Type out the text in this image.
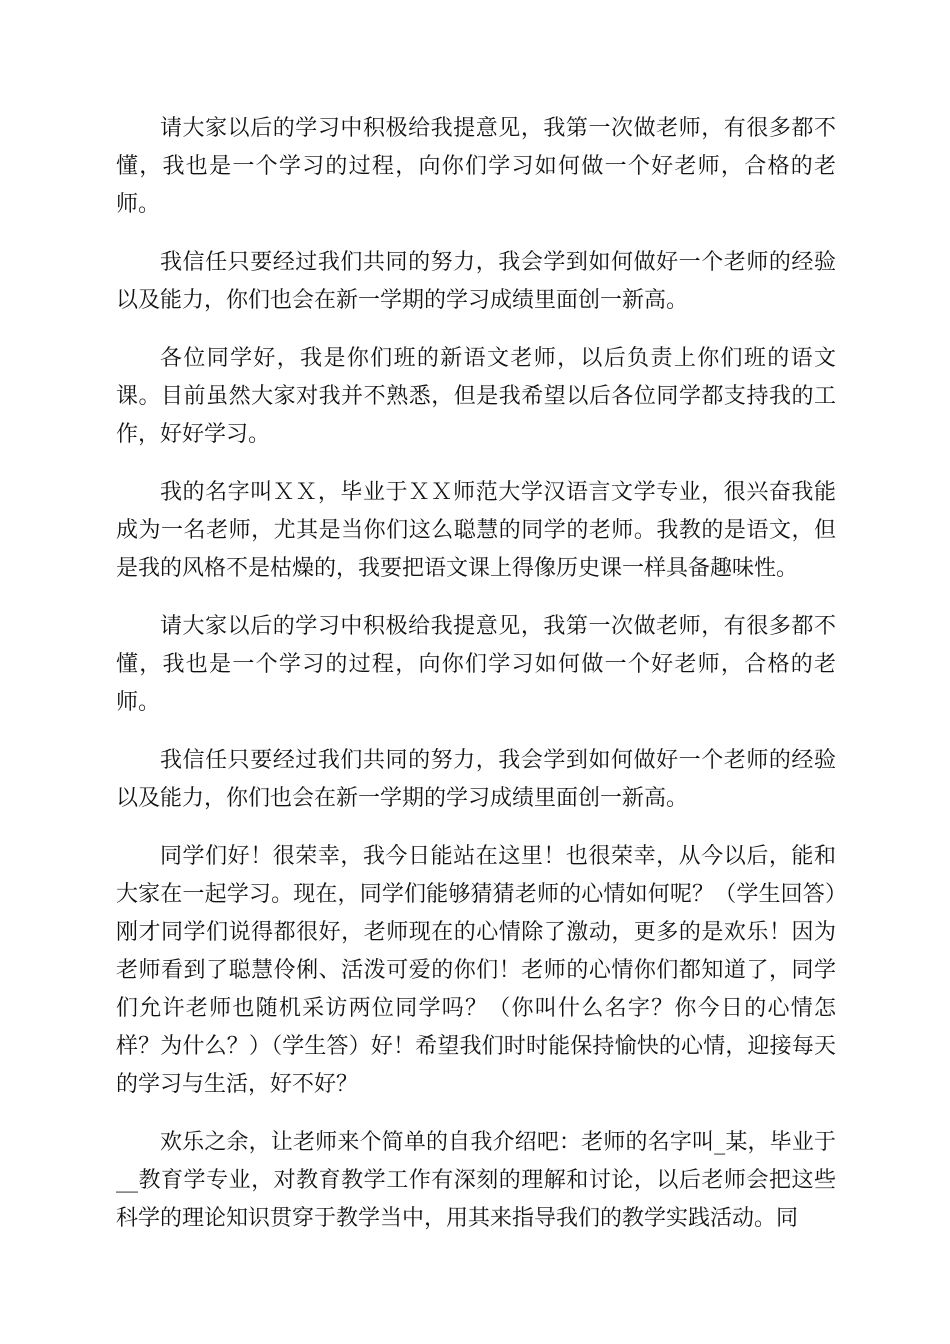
请大家以后的学习中积极给我提意见，我第一次做老师，有很多都不懂，我也是一个学习的过程，向你们学习如何做一个好老师，合格的老师。

我信任只要经过我们共同的努力，我会学到如何做好一个老师的经验以及能力，你们也会在新一学期的学习成绩里面创一新高。

各位同学好，我是你们班的新语文老师，以后负责上你们班的语文课。目前虽然大家对我并不熟悉，但是我希望以后各位同学都支持我的工作，好好学习。

我的名字叫ＸＸ，毕业于ＸＸ师范大学汉语言文学专业，很兴奋我能成为一名老师，尤其是当你们这么聪慧的同学的老师。我教的是语文，但是我的风格不是枯燥的，我要把语文课上得像历史课一样具备趣味性。

请大家以后的学习中积极给我提意见，我第一次做老师，有很多都不懂，我也是一个学习的过程，向你们学习如何做一个好老师，合格的老师。

我信任只要经过我们共同的努力，我会学到如何做好一个老师的经验以及能力，你们也会在新一学期的学习成绩里面创一新高。

同学们好！很荣幸，我今日能站在这里！也很荣幸，从今以后，能和大家在一起学习。现在，同学们能够猜猜老师的心情如何呢？（学生回答）刚才同学们说得都很好，老师现在的心情除了激动，更多的是欢乐！因为老师看到了聪慧伶俐、活泼可爱的你们！老师的心情你们都知道了，同学们允许老师也随机采访两位同学吗？（你叫什么名字？你今日的心情怎样？为什么？）（学生答）好！希望我们时时能保持愉快的心情，迎接每天的学习与生活，好不好？

欢乐之余，让老师来个简单的自我介绍吧：老师的名字叫_某，毕业于__教育学专业，对教育教学工作有深刻的理解和讨论，以后老师会把这些科学的理论知识贯穿于教学当中，用其来指导我们的教学实践活动。同
